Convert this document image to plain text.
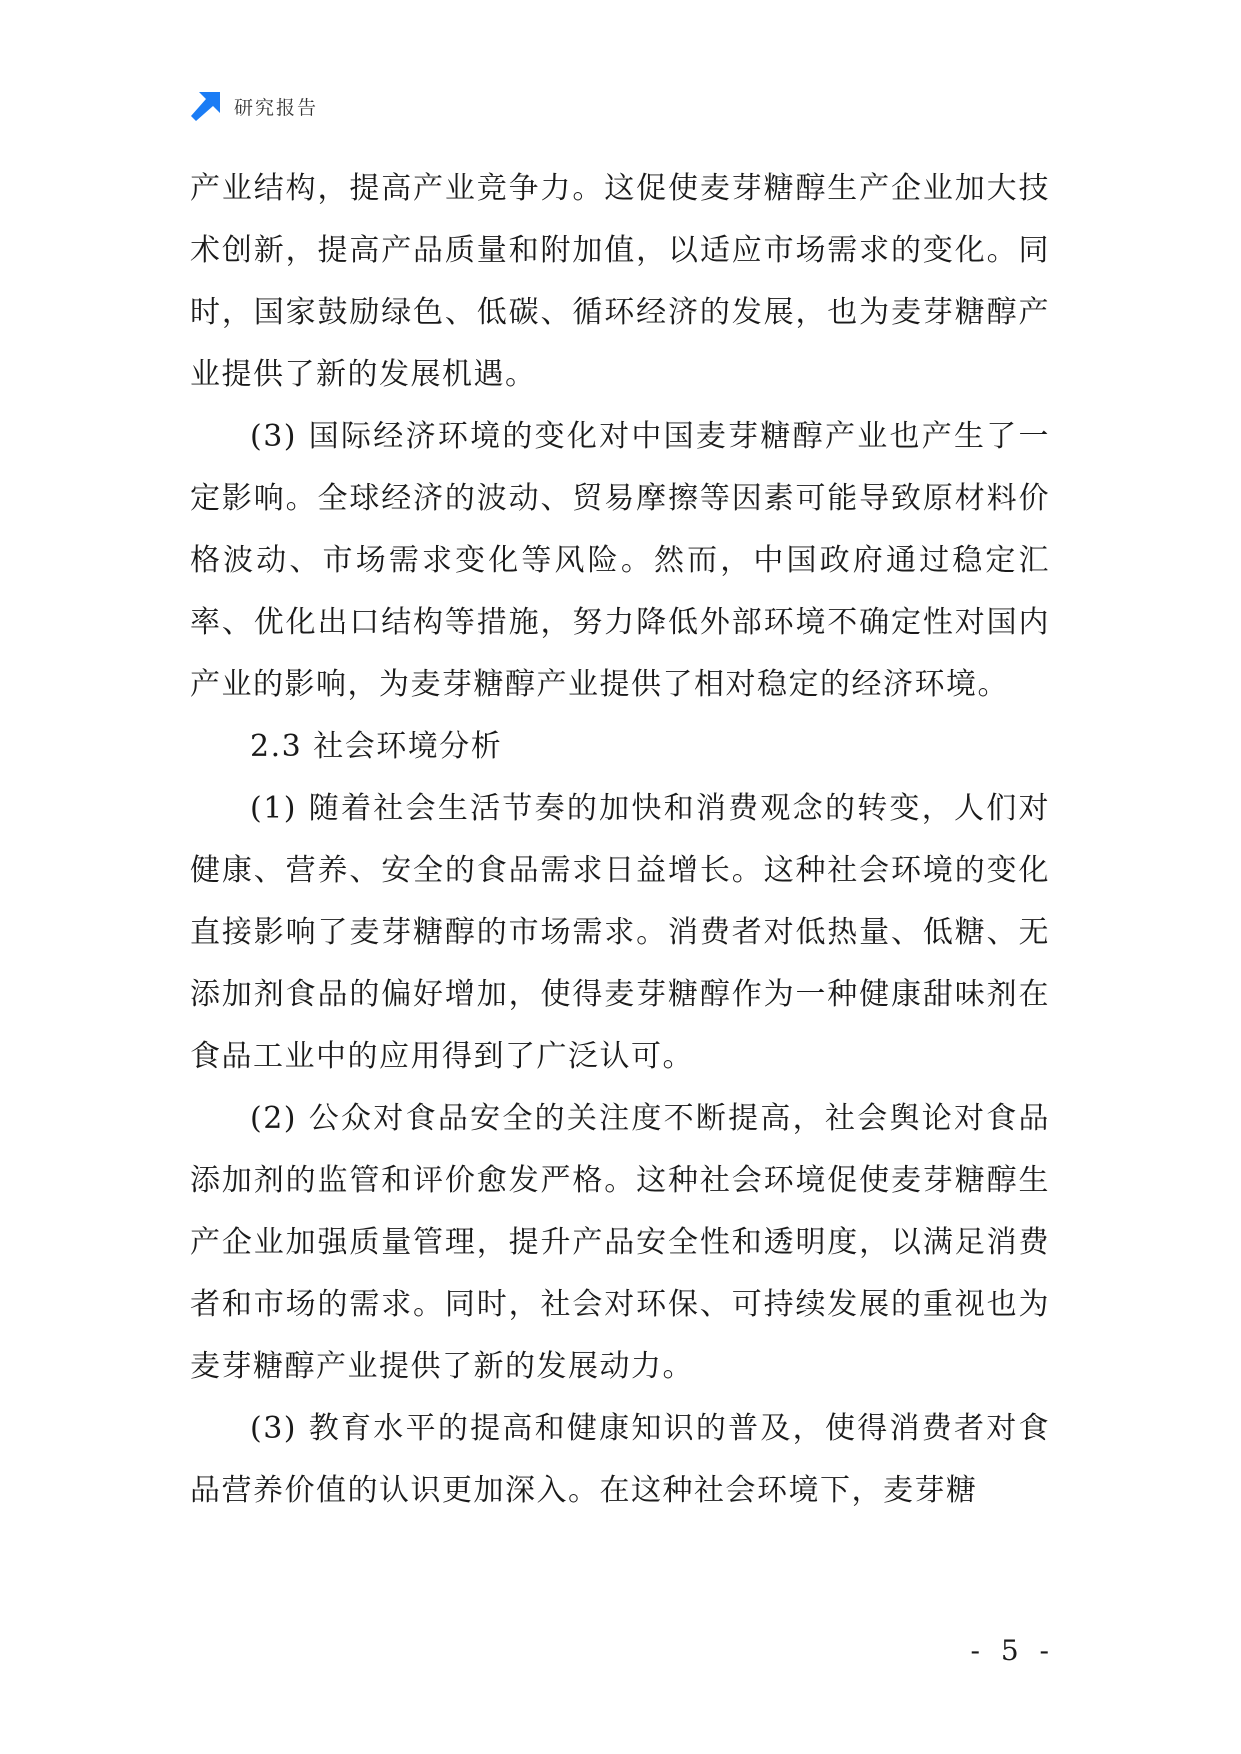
研究报告

产业结构，提高产业竞争力。这促使麦芽糖醇生产企业加大技术创新，提高产品质量和附加值，以适应市场需求的变化。同时，国家鼓励绿色、低碳、循环经济的发展，也为麦芽糖醇产业提供了新的发展机遇。

(3) 国际经济环境的变化对中国麦芽糖醇产业也产生了一定影响。全球经济的波动、贸易摩擦等因素可能导致原材料价格波动、市场需求变化等风险。然而，中国政府通过稳定汇率、优化出口结构等措施，努力降低外部环境不确定性对国内产业的影响，为麦芽糖醇产业提供了相对稳定的经济环境。

2.3 社会环境分析

(1) 随着社会生活节奏的加快和消费观念的转变，人们对健康、营养、安全的食品需求日益增长。这种社会环境的变化直接影响了麦芽糖醇的市场需求。消费者对低热量、低糖、无添加剂食品的偏好增加，使得麦芽糖醇作为一种健康甜味剂在食品工业中的应用得到了广泛认可。

(2) 公众对食品安全的关注度不断提高，社会舆论对食品添加剂的监管和评价愈发严格。这种社会环境促使麦芽糖醇生产企业加强质量管理，提升产品安全性和透明度，以满足消费者和市场的需求。同时，社会对环保、可持续发展的重视也为麦芽糖醇产业提供了新的发展动力。

(3) 教育水平的提高和健康知识的普及，使得消费者对食品营养价值的认识更加深入。在这种社会环境下，麦芽糖

- 5 -
